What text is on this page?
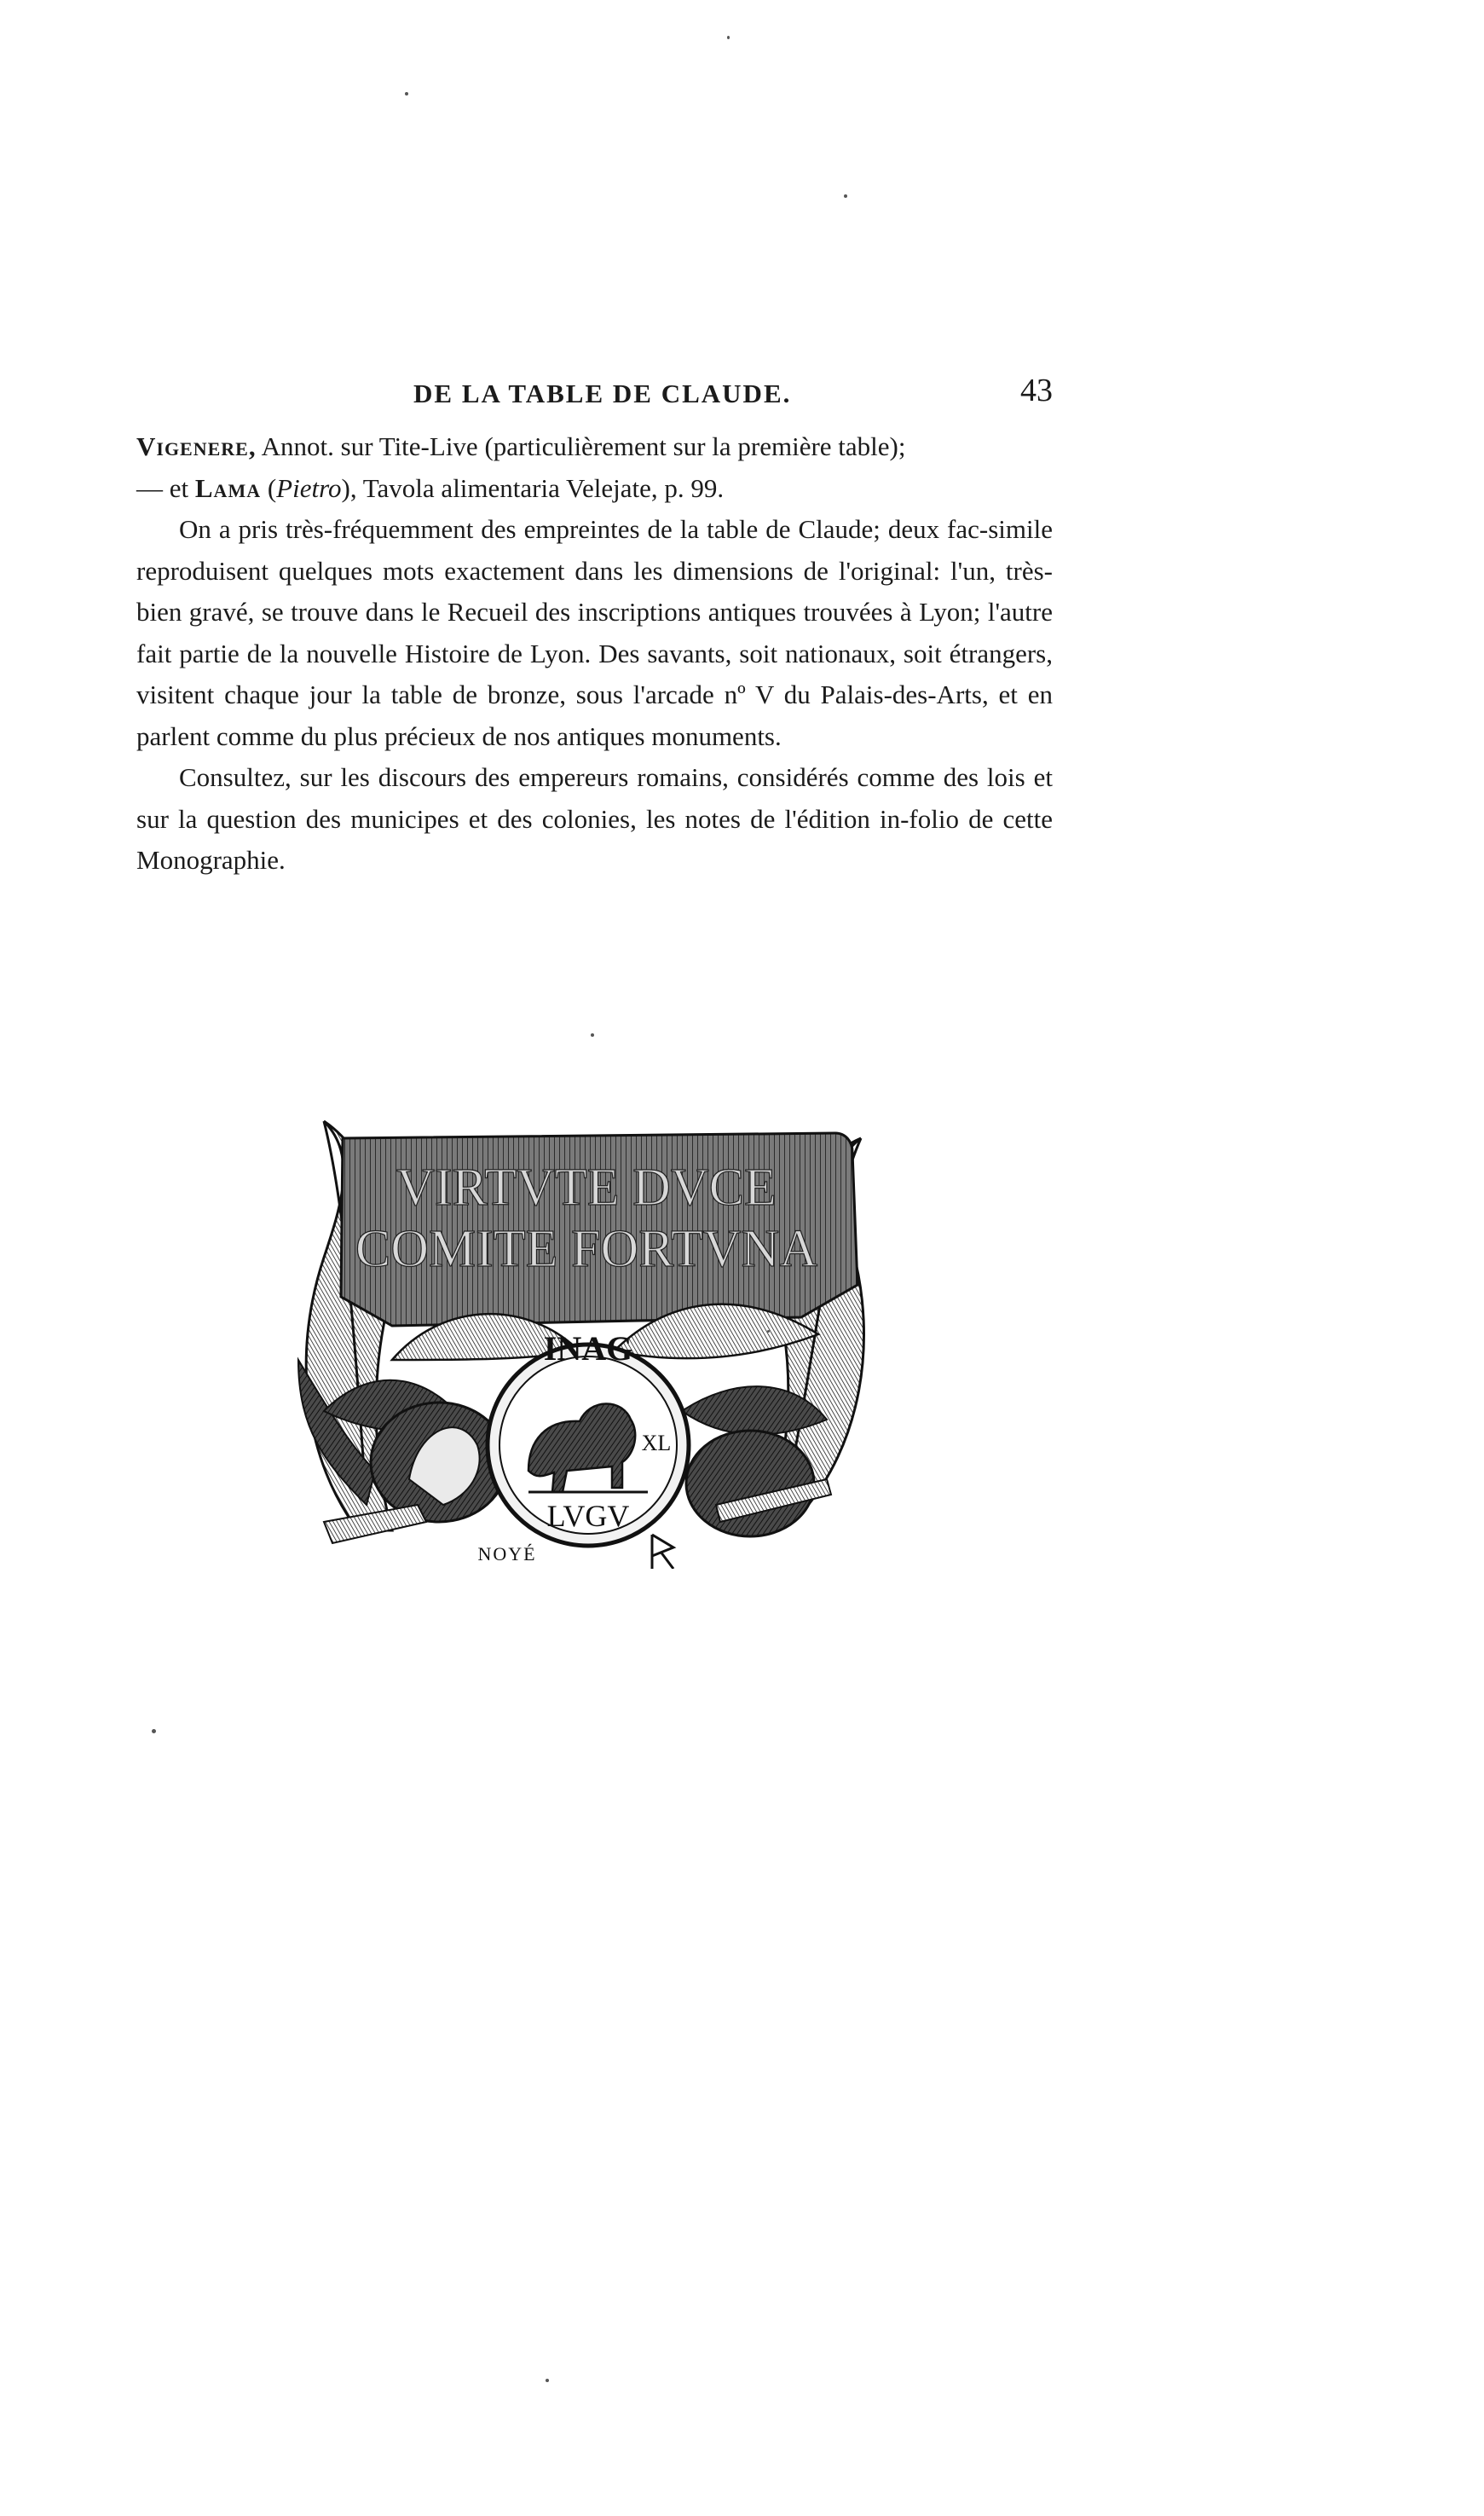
DE LA TABLE DE CLAUDE.	43

Vigenere, Annot. sur Tite-Live (particulièrement sur la première table);
— et Lama (Pietro), Tavola alimentaria Velejate, p. 99.

On a pris très-fréquemment des empreintes de la table de Claude; deux fac-simile reproduisent quelques mots exactement dans les dimensions de l'original: l'un, très-bien gravé, se trouve dans le Recueil des inscriptions antiques trouvées à Lyon; l'autre fait partie de la nouvelle Histoire de Lyon. Des savants, soit nationaux, soit étrangers, visitent chaque jour la table de bronze, sous l'arcade nº V du Palais-des-Arts, et en parlent comme du plus précieux de nos antiques monuments.

Consultez, sur les discours des empereurs romains, considérés comme des lois et sur la question des municipes et des colonies, les notes de l'édition in-folio de cette Monographie.

VIRTVTE DVCE
COMITE FORTVNA
INAG
LVGV
XL
NOYÉ
